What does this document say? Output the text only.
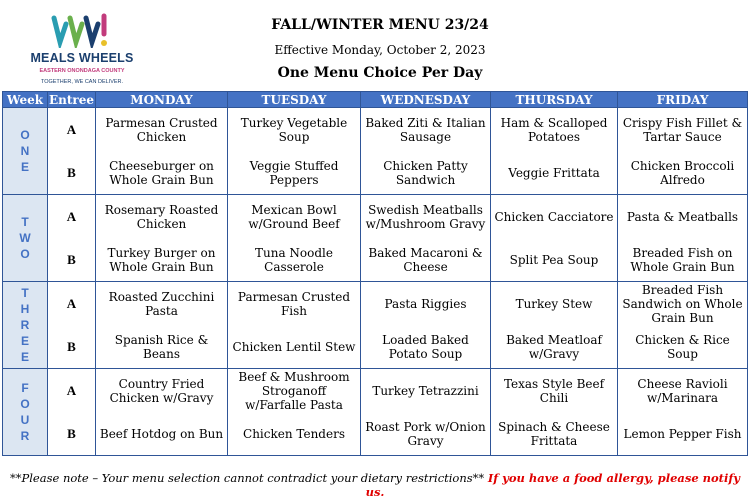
MEALS WHEELS
EASTERN ONONDAGA COUNTY
TOGETHER, WE CAN DELIVER.
FALL/WINTER MENU 23/24
Effective Monday, October 2, 2023
One Menu Choice Per Day
Week	Entree	MONDAY	TUESDAY	WEDNESDAY	THURSDAY	FRIDAY

O
N
E	A	Parmesan Crusted Chicken	Turkey Vegetable Soup	Baked Ziti & Italian Sausage	Ham & Scalloped Potatoes	Crispy Fish Fillet & Tartar Sauce
	B	Cheeseburger on Whole Grain Bun	Veggie Stuffed Peppers	Chicken Patty Sandwich	Veggie Frittata	Chicken Broccoli Alfredo

T
W
O	A	Rosemary Roasted Chicken	Mexican Bowl w/Ground Beef	Swedish Meatballs w/Mushroom Gravy	Chicken Cacciatore	Pasta & Meatballs
	B	Turkey Burger on Whole Grain Bun	Tuna Noodle Casserole	Baked Macaroni & Cheese	Split Pea Soup	Breaded Fish on Whole Grain Bun

T
H
R
E
E	A	Roasted Zucchini Pasta	Parmesan Crusted Fish	Pasta Riggies	Turkey Stew	Breaded Fish Sandwich on Whole Grain Bun
	B	Spanish Rice & Beans	Chicken Lentil Stew	Loaded Baked Potato Soup	Baked Meatloaf w/Gravy	Chicken & Rice Soup

F
O
U
R	A	Country Fried Chicken w/Gravy	Beef & Mushroom Stroganoff w/Farfalle Pasta	Turkey Tetrazzini	Texas Style Beef Chili	Cheese Ravioli w/Marinara
	B	Beef Hotdog on Bun	Chicken Tenders	Roast Pork w/Onion Gravy	Spinach & Cheese Frittata	Lemon Pepper Fish
**Please note – Your menu selection cannot contradict your dietary restrictions** If you have a food allergy, please notify us.
